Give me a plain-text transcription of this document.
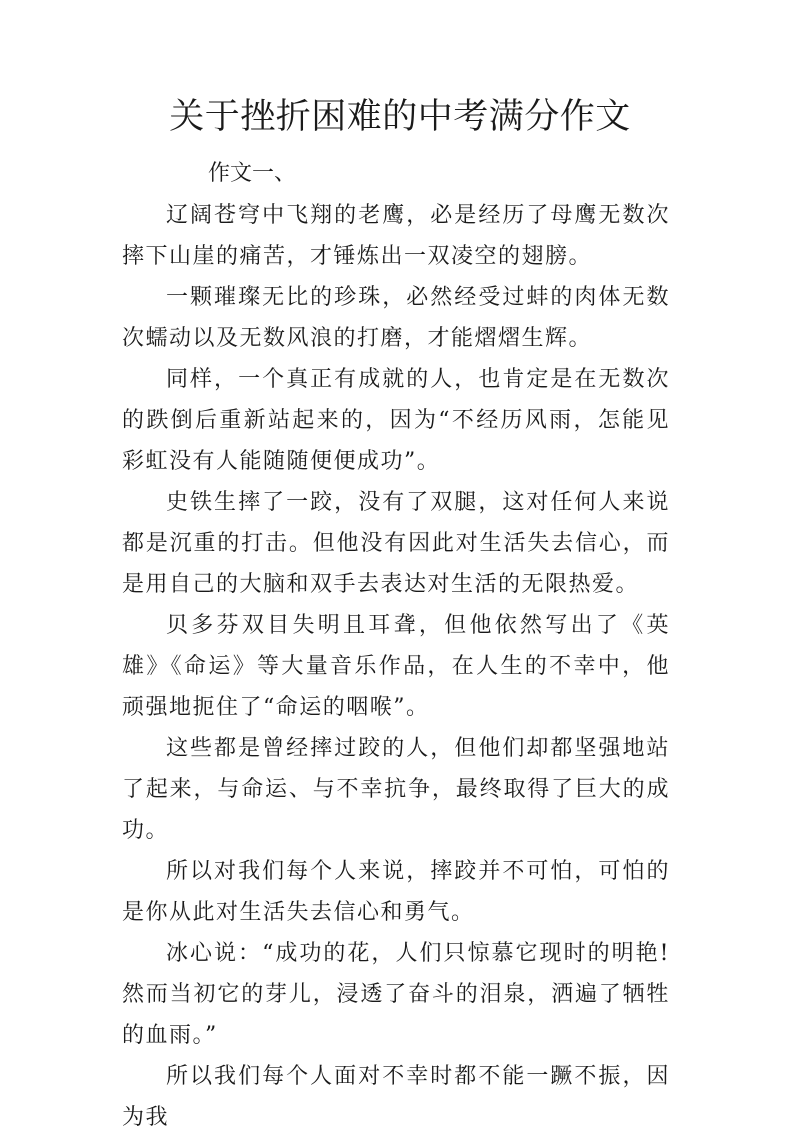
关于挫折困难的中考满分作文

作文一、

辽阔苍穹中飞翔的老鹰，必是经历了母鹰无数次摔下山崖的痛苦，才锤炼出一双凌空的翅膀。

一颗璀璨无比的珍珠，必然经受过蚌的肉体无数次蠕动以及无数风浪的打磨，才能熠熠生辉。

同样，一个真正有成就的人，也肯定是在无数次的跌倒后重新站起来的，因为“不经历风雨，怎能见彩虹没有人能随随便便成功”。

史铁生摔了一跤，没有了双腿，这对任何人来说都是沉重的打击。但他没有因此对生活失去信心，而是用自己的大脑和双手去表达对生活的无限热爱。

贝多芬双目失明且耳聋，但他依然写出了《英雄》《命运》等大量音乐作品，在人生的不幸中，他顽强地扼住了“命运的咽喉”。

这些都是曾经摔过跤的人，但他们却都坚强地站了起来，与命运、与不幸抗争，最终取得了巨大的成功。

所以对我们每个人来说，摔跤并不可怕，可怕的是你从此对生活失去信心和勇气。

冰心说：“成功的花，人们只惊慕它现时的明艳!然而当初它的芽儿，浸透了奋斗的泪泉，洒遍了牺牲的血雨。”

所以我们每个人面对不幸时都不能一蹶不振，因为我
